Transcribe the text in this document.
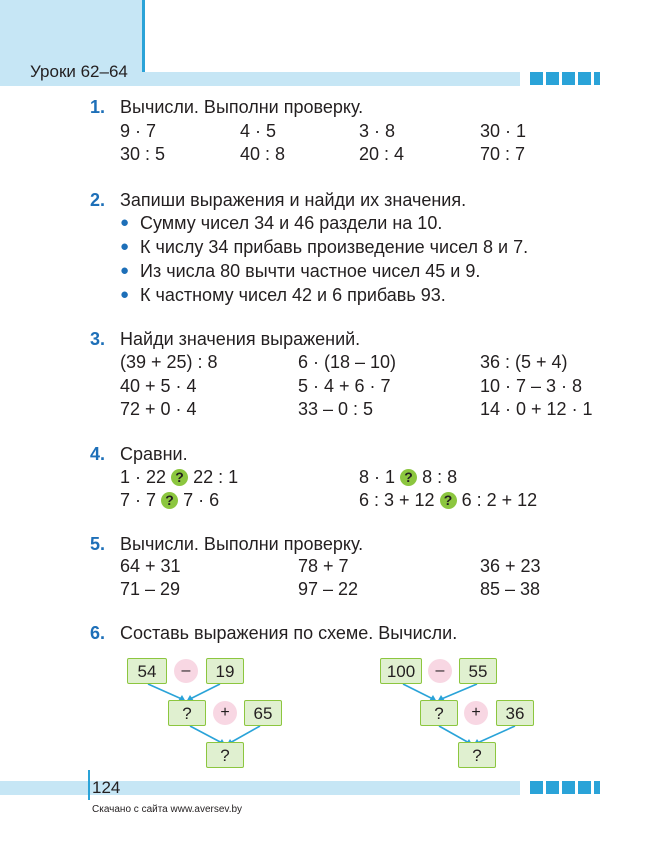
Уроки 62–64
1. Вычисли. Выполни проверку.
9 · 7	4 · 5	3 · 8	30 · 1
30 : 5	40 : 8	20 : 4	70 : 7
2. Запиши выражения и найди их значения.
● Сумму чисел 34 и 46 раздели на 10.
● К числу 34 прибавь произведение чисел 8 и 7.
● Из числа 80 вычти частное чисел 45 и 9.
● К частному чисел 42 и 6 прибавь 93.
3. Найди значения выражений.
(39 + 25) : 8	6 · (18 – 10)	36 : (5 + 4)
40 + 5 · 4	5 · 4 + 6 · 7	10 · 7 – 3 · 8
72 + 0 · 4	33 – 0 : 5	14 · 0 + 12 · 1
4. Сравни.
1 · 22 ? 22 : 1	8 · 1 ? 8 : 8
7 · 7 ? 7 · 6	6 : 3 + 12 ? 6 : 2 + 12
5. Вычисли. Выполни проверку.
64 + 31	78 + 7	36 + 23
71 – 29	97 – 22	85 – 38
6. Составь выражения по схеме. Вычисли.
54	–	19
?	+	65
?
100	–	55
?	+	36
?
124
Скачано с сайта www.aversev.by
